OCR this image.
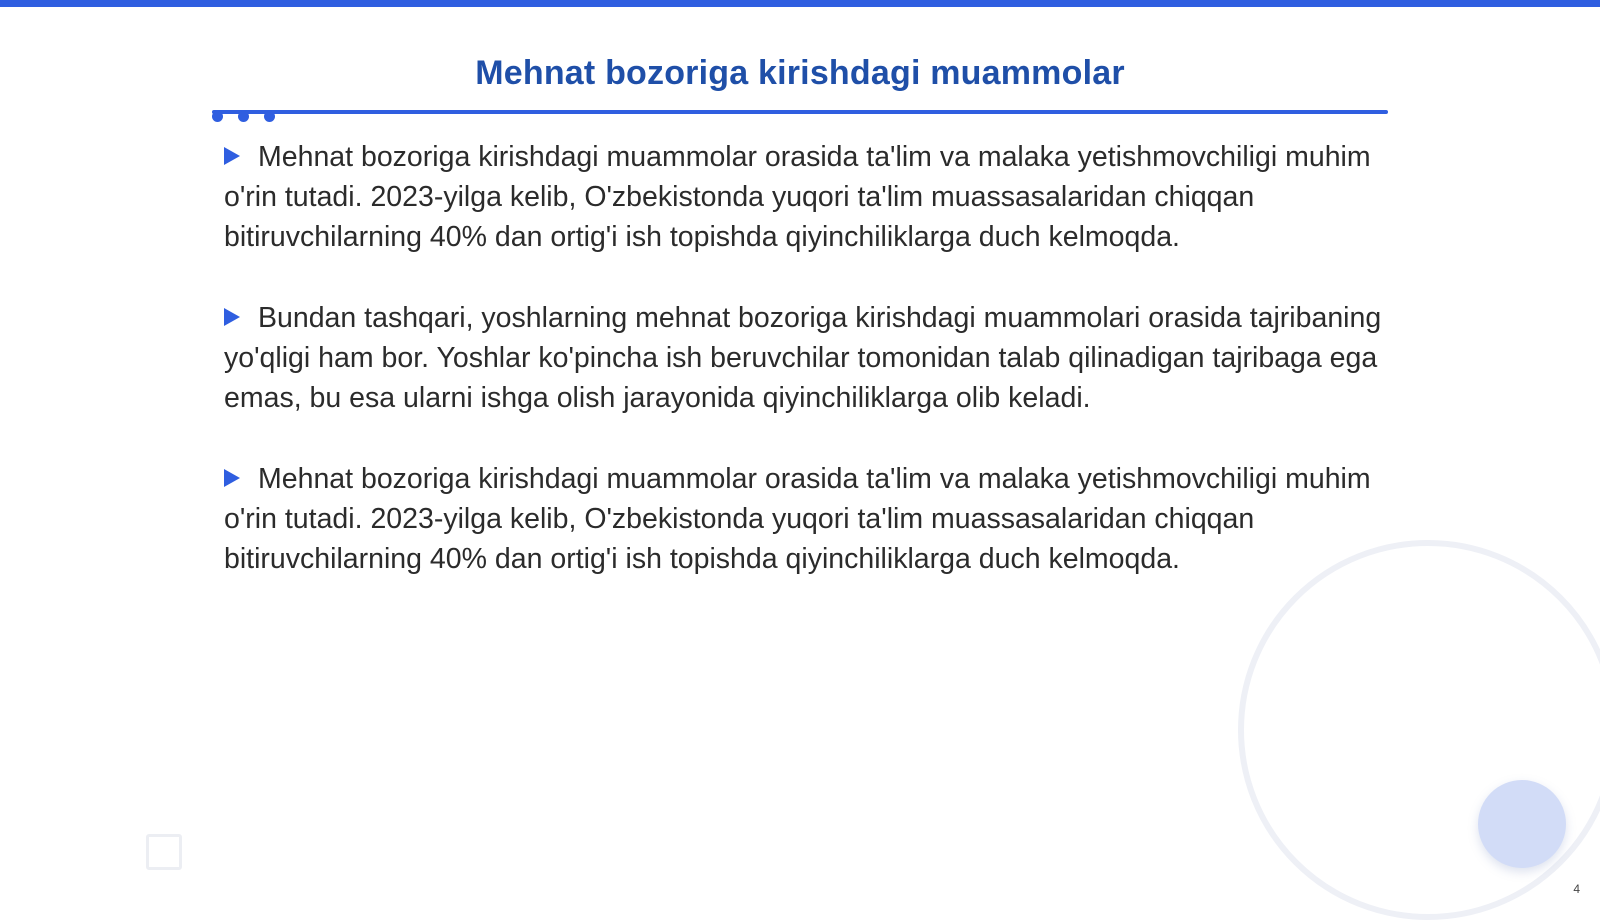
Mehnat bozoriga kirishdagi muammolar

Mehnat bozoriga kirishdagi muammolar orasida ta'lim va malaka yetishmovchiligi muhim o'rin tutadi. 2023-yilga kelib, O'zbekistonda yuqori ta'lim muassasalaridan chiqqan bitiruvchilarning 40% dan ortig'i ish topishda qiyinchiliklarga duch kelmoqda.

Bundan tashqari, yoshlarning mehnat bozoriga kirishdagi muammolari orasida tajribaning yo'qligi ham bor. Yoshlar ko'pincha ish beruvchilar tomonidan talab qilinadigan tajribaga ega emas, bu esa ularni ishga olish jarayonida qiyinchiliklarga olib keladi.

Mehnat bozoriga kirishdagi muammolar orasida ta'lim va malaka yetishmovchiligi muhim o'rin tutadi. 2023-yilga kelib, O'zbekistonda yuqori ta'lim muassasalaridan chiqqan bitiruvchilarning 40% dan ortig'i ish topishda qiyinchiliklarga duch kelmoqda.

4
